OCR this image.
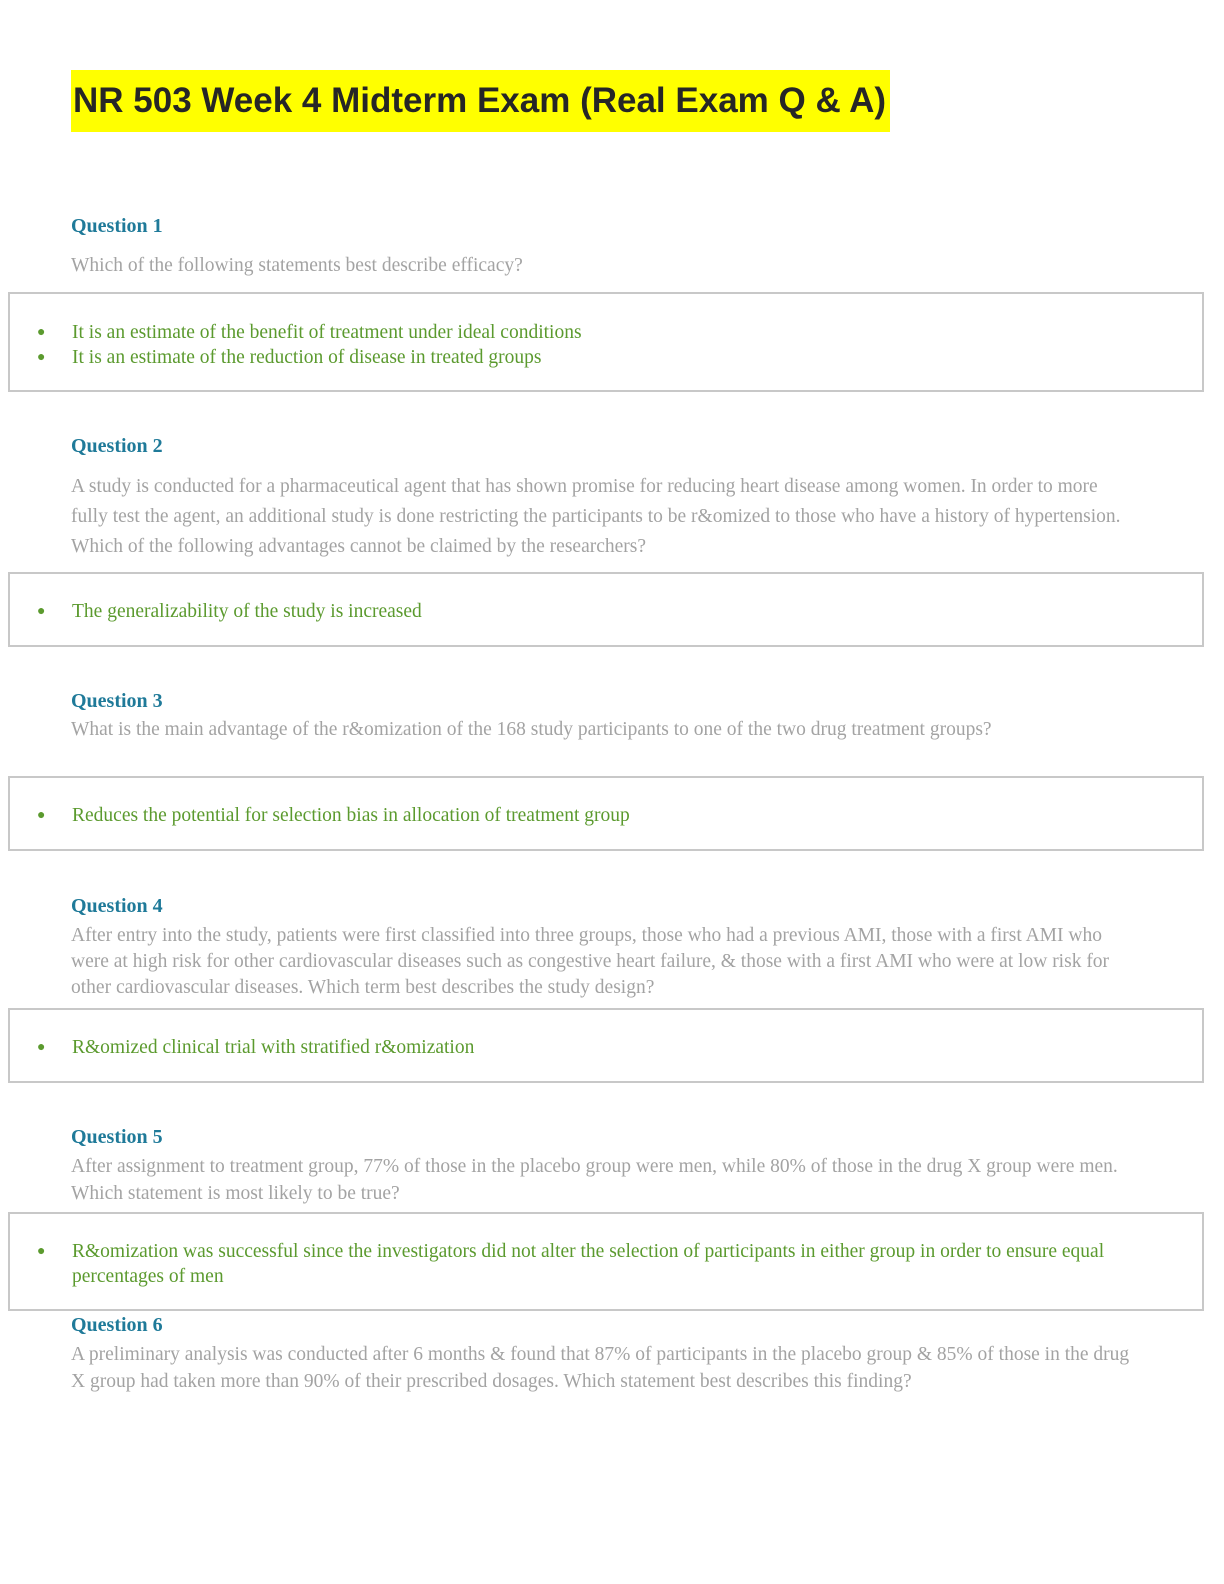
NR 503 Week 4 Midterm Exam (Real Exam Q & A)
Question 1
Which of the following statements best describe efficacy?
● It is an estimate of the benefit of treatment under ideal conditions
● It is an estimate of the reduction of disease in treated groups
Question 2
A study is conducted for a pharmaceutical agent that has shown promise for reducing heart disease among women. In order to more fully test the agent, an additional study is done restricting the participants to be r&omized to those who have a history of hypertension. Which of the following advantages cannot be claimed by the researchers?
● The generalizability of the study is increased
Question 3
What is the main advantage of the r&omization of the 168 study participants to one of the two drug treatment groups?
● Reduces the potential for selection bias in allocation of treatment group
Question 4
After entry into the study, patients were first classified into three groups, those who had a previous AMI, those with a first AMI who were at high risk for other cardiovascular diseases such as congestive heart failure, & those with a first AMI who were at low risk for other cardiovascular diseases. Which term best describes the study design?
● R&omized clinical trial with stratified r&omization
Question 5
After assignment to treatment group, 77% of those in the placebo group were men, while 80% of those in the drug X group were men. Which statement is most likely to be true?
● R&omization was successful since the investigators did not alter the selection of participants in either group in order to ensure equal percentages of men
Question 6
A preliminary analysis was conducted after 6 months & found that 87% of participants in the placebo group & 85% of those in the drug X group had taken more than 90% of their prescribed dosages. Which statement best describes this finding?
